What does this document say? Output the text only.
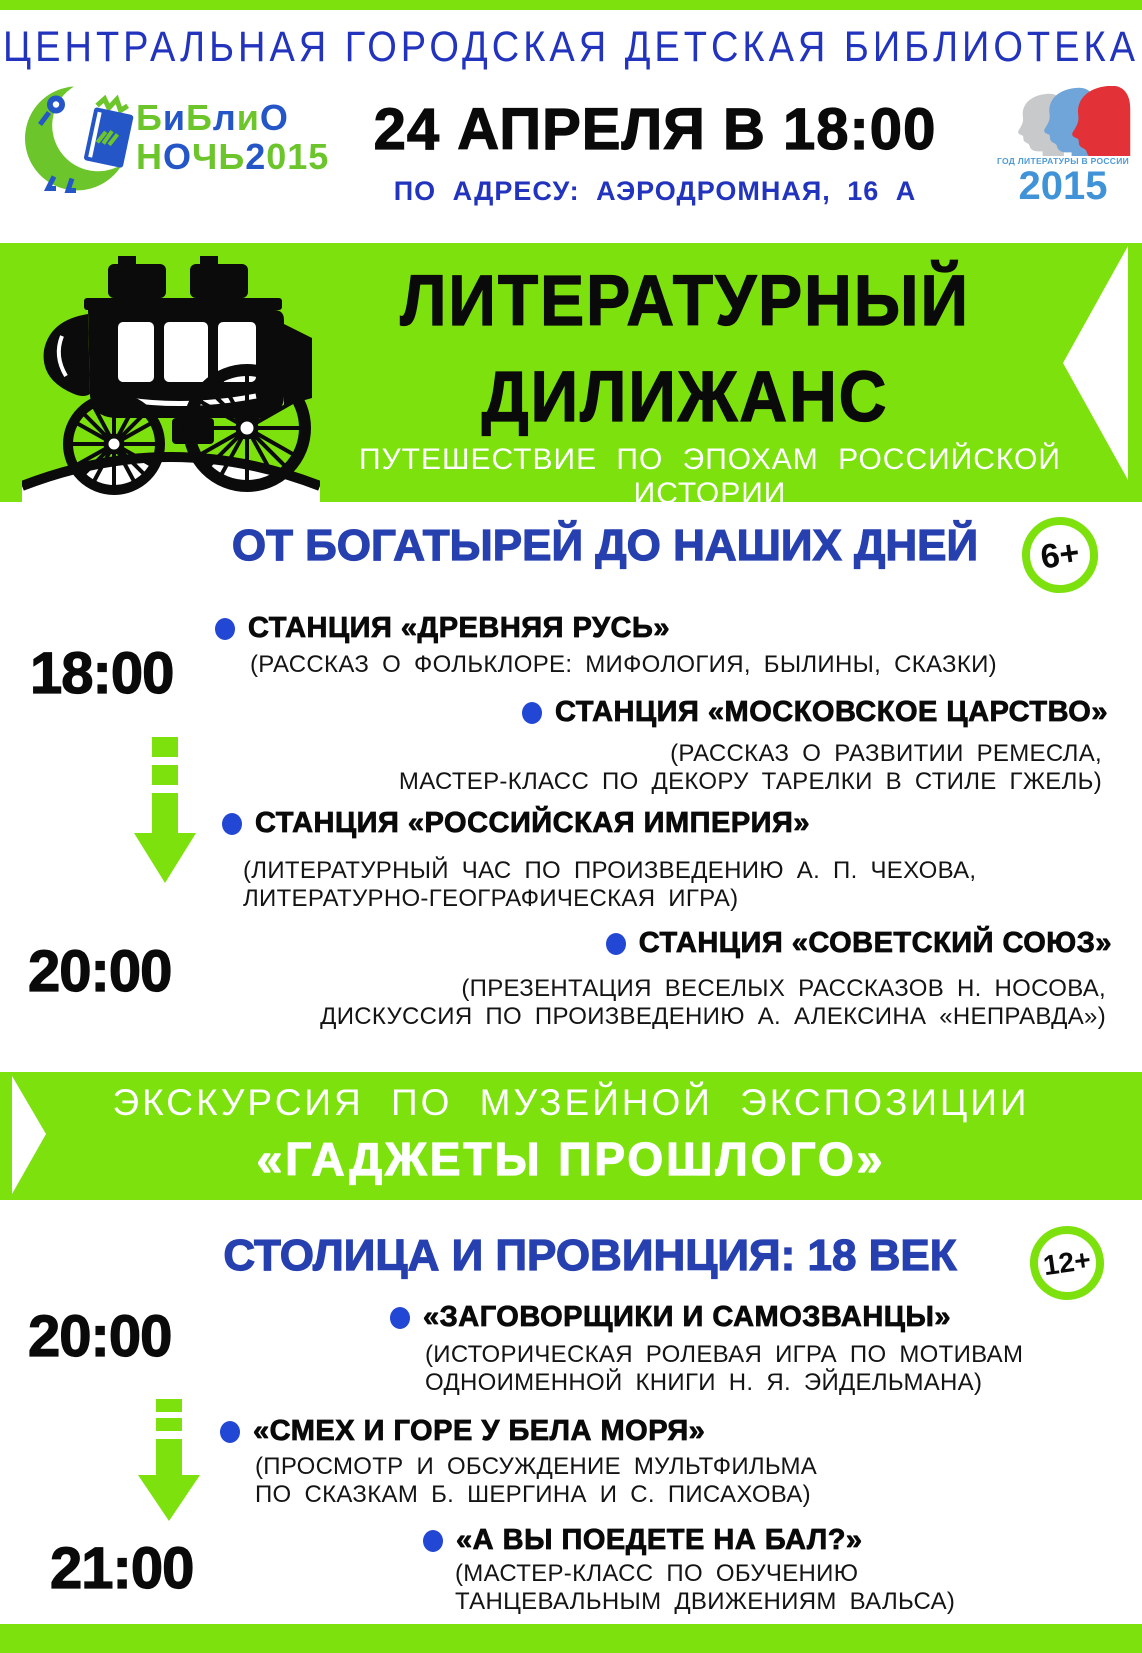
ЦЕНТРАЛЬНАЯ ГОРОДСКАЯ ДЕТСКАЯ БИБЛИОТЕКА
БиБлиО
НОЧЬ2015 24 АПРЕЛЯ В 18:00
ПО АДРЕСУ: АЭРОДРОМНАЯ, 16 А
ГОД ЛИТЕРАТУРЫ В РОССИИ
2015
ЛИТЕРАТУРНЫЙ
ДИЛИЖАНС
ПУТЕШЕСТВИЕ ПО ЭПОХАМ РОССИЙСКОЙ ИСТОРИИ
ОТ БОГАТЫРЕЙ ДО НАШИХ ДНЕЙ	6+
18:00
СТАНЦИЯ «ДРЕВНЯЯ РУСЬ»
(РАССКАЗ О ФОЛЬКЛОРЕ: МИФОЛОГИЯ, БЫЛИНЫ, СКАЗКИ)
СТАНЦИЯ «МОСКОВСКОЕ ЦАРСТВО»
(РАССКАЗ О РАЗВИТИИ РЕМЕСЛА,
МАСТЕР-КЛАСС ПО ДЕКОРУ ТАРЕЛКИ В СТИЛЕ ГЖЕЛЬ)
СТАНЦИЯ «РОССИЙСКАЯ ИМПЕРИЯ»
(ЛИТЕРАТУРНЫЙ ЧАС ПО ПРОИЗВЕДЕНИЮ А. П. ЧЕХОВА,
ЛИТЕРАТУРНО-ГЕОГРАФИЧЕСКАЯ ИГРА)
20:00	СТАНЦИЯ «СОВЕТСКИЙ СОЮЗ»
(ПРЕЗЕНТАЦИЯ ВЕСЕЛЫХ РАССКАЗОВ Н. НОСОВА,
ДИСКУССИЯ ПО ПРОИЗВЕДЕНИЮ А. АЛЕКСИНА «НЕПРАВДА»)
ЭКСКУРСИЯ ПО МУЗЕЙНОЙ ЭКСПОЗИЦИИ
«ГАДЖЕТЫ ПРОШЛОГО»
СТОЛИЦА И ПРОВИНЦИЯ: 18 ВЕК	12+
20:00	«ЗАГОВОРЩИКИ И САМОЗВАНЦЫ»
(ИСТОРИЧЕСКАЯ РОЛЕВАЯ ИГРА ПО МОТИВАМ
ОДНОИМЕННОЙ КНИГИ Н. Я. ЭЙДЕЛЬМАНА)
«СМЕХ И ГОРЕ У БЕЛА МОРЯ»
(ПРОСМОТР И ОБСУЖДЕНИЕ МУЛЬТФИЛЬМА
ПО СКАЗКАМ Б. ШЕРГИНА И С. ПИСАХОВА)
21:00	«А ВЫ ПОЕДЕТЕ НА БАЛ?»
(МАСТЕР-КЛАСС ПО ОБУЧЕНИЮ
ТАНЦЕВАЛЬНЫМ ДВИЖЕНИЯМ ВАЛЬСА)
